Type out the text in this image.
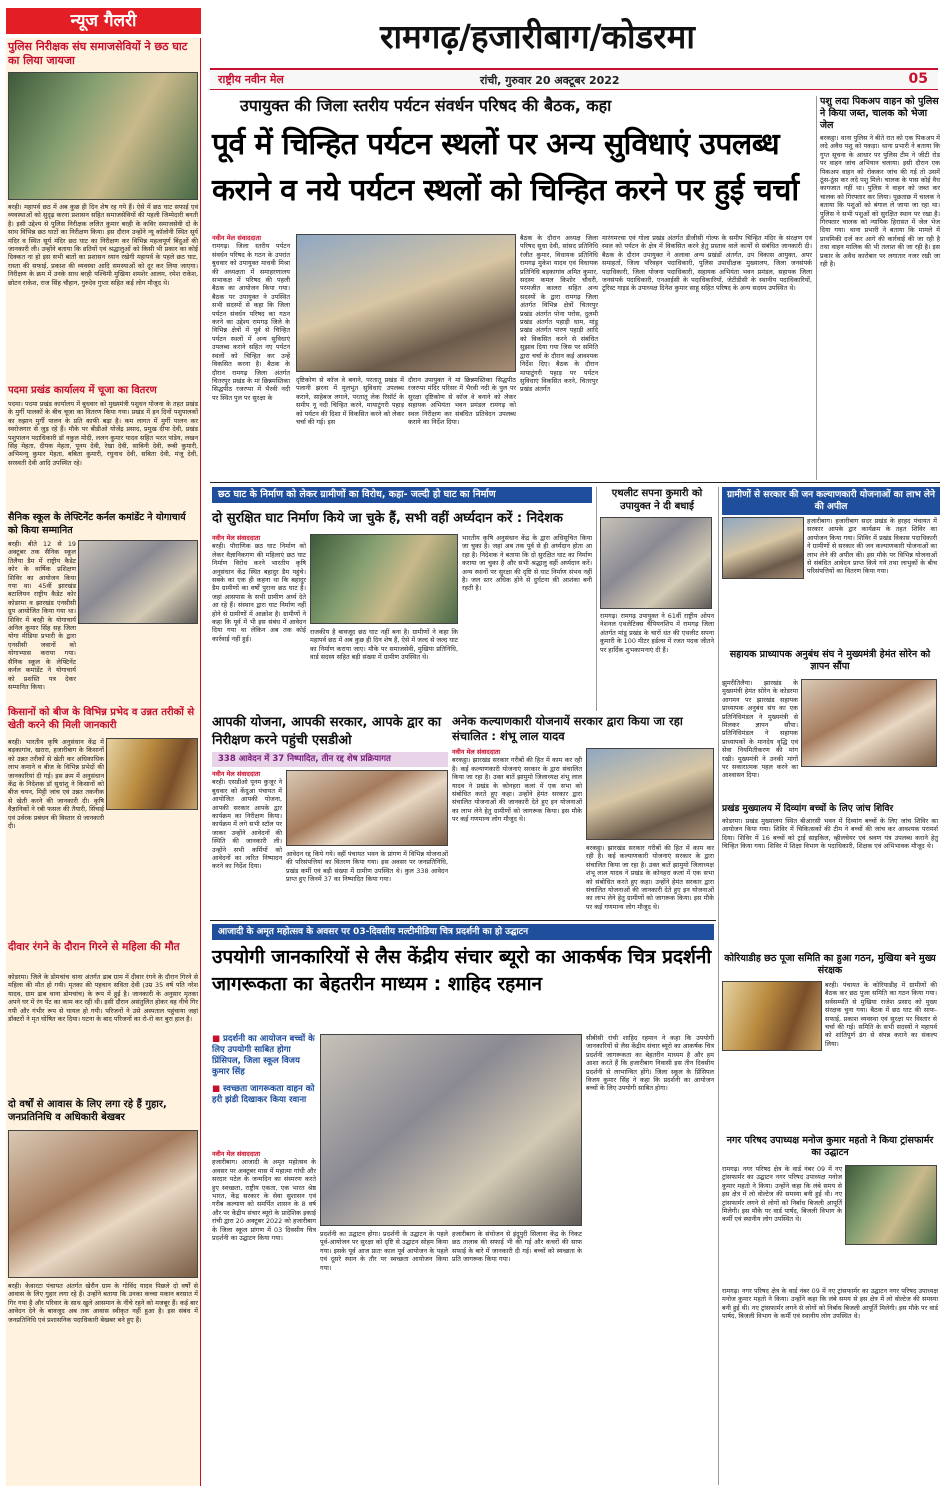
न्यूज गैलरी	रामगढ़/हजारीबाग/कोडरमा
राष्ट्रीय नवीन मेल	रांची, गुरुवार 20 अक्टूबर 2022	05
पुलिस निरीक्षक संघ समाजसेवियों ने छठ घाट का लिया जायजा
बरही। महापर्व छठ में अब कुछ ही दिन शेष रह गये हैं। ऐसे में छठ घाट सफाई एवं व्यवस्थाओं को सुदृढ़ करना प्रशासन सहित समाजसेवियों की पहली जिम्मेदारी बनती है। इसी उद्देश्य से पुलिस निरीक्षक ललित कुमार बरही के कविर समाजसेवी दो के साथ विभिन्न छठ घाटों का निरीक्षण किया। इस दौरान उन्होंने न्यू कॉलोनी स्थित सूर्य मंदिर व स्थित सूर्य मंदिर छठ घाट का निरीक्षण कर विभिन्न महत्वपूर्ण बिंदुओं की जानकारी ली। उन्होंने बताया कि व्रतियों एवं श्रद्धालुओं को किसी भी प्रकार का कोई दिक्कत ना हो इस सभी बातों का प्रशासन ध्यान रखेगी महापर्व के पहले छठ घाट, रास्ता की सफाई, प्रकाश की व्यवस्था आदि समस्याओं को दूर कर लिया जाएगा। निरीक्षण के क्रम में उनके साथ बरही पश्चिमी मुखिया शमशेर आलम, रमेश राकेश, छोटन राकेश, राज सिंह चौहान, गुरुदेव गुप्ता सहित कई लोग मौजूद थे।
पदमा प्रखंड कार्यालय में चूजा का वितरण
पदमा। पदमा प्रखंड कार्यालय में बुधवार को मुख्यमंत्री पशुधन योजना के तहत प्रखंड के मुर्गी पालकों के बीच चूजा का वितरण किया गया। प्रखंड में इन दिनों पशुपालकों का रुझान मुर्गी पालन के प्रति काफी बढ़ा है। कम लागत में मुर्गी पालन कर स्वरोजगार से जुड़ रहे हैं। मौके पर बीडीओ योजेंद्र प्रसाद, प्रमुख दीपा देवी, प्रखंड पशुपालन पदाधिकारी डॉ नकुल मोदी, ललन कुमार यादव सहित भरत पांडेय, लखन सिंह मेहता, दीपक मेहता, पूनम देवी, रेखा देवी, साबिनी देवी, रूबी कुमारी, अभिमन्यु कुमार मेहता, बबिता कुमारी, रघुनाथ देवी, सबिता देवी, मंजू देवी, सरस्वती देवी आदि उपस्थित रहे।
सैनिक स्कूल के लेफ्टिनेंट कर्नल कमांडेंट ने योगाचार्य को किया सम्मानित
बरही। बीते 12 से 19 अक्टूबर तक सैनिक स्कूल तिलैया डैम में राष्ट्रीय कैडेट कोर के वार्षिक प्रशिक्षण शिविर का आयोजन किया गया था। 45वीं झारखंड बटालियन राष्ट्रीय कैडेट कोर कोडरमा व झारखंड एनसीसी ग्रुप आयोजित किया गया था। शिविर में बरही के योगाचार्य अनिल कुमार सिंह सह जिला योगा मीडिया प्रभारी के द्वारा एनसीसी जवानों को योगाभ्यास कराया गया। सैनिक स्कूल के लेफ्टिनेंट कर्नल कमांडेंट ने योगाचार्य को प्रशस्ति पत्र देकर सम्मानित किया।
किसानों को बीज के विभिन्न प्रभेद व उन्नत तरीकों से खेती करने की मिली जानकारी
बरही। भारतीय कृषि अनुसंधान केंद्र में बड़कागांव, खरारा, हजारीबाग के किसानों को उन्नत तरीकों से खेती कर अधिकाधिक लाभ कमाने व बीज के विभिन्न प्रभेदों की जानकारियां दी गई। इस क्रम में अनुसंधान केंद्र के निदेशक डॉ सुधांशु ने किसानों को बीज चयन, मिट्टी जांच एवं उन्नत तकनीक से खेती करने की जानकारी दी। कृषि वैज्ञानिकों ने रबी फसल की तैयारी, सिंचाई एवं उर्वरक प्रबंधन की विस्तार से जानकारी दी।
दीवार रंगने के दौरान गिरने से महिला की मौत
कोडरमा। जिले के डोमचांच थाना अंतर्गत ढाब ग्राम में दीवार रंगने के दौरान गिरने से महिला की मौत हो गयी। मृतका की पहचान सविता देवी (उम्र 35 वर्ष पति नरेश यादव, ग्राम ढाब थाना डोमचांच) के रूप में हुई है। जानकारी के अनुसार मृतका अपने घर में रंग पेंट का काम कर रही थी। इसी दौरान असंतुलित होकर वह नीचे गिर गयी और गंभीर रूप से घायल हो गयी। परिजनों ने उसे अस्पताल पहुंचाया जहां डॉक्टरों ने मृत घोषित कर दिया। घटना के बाद परिजनों का रो-रो कर बुरा हाल है।
दो वर्षों से आवास के लिए लगा रहे हैं गुहार, जनप्रतिनिधि व अधिकारी बेखबर
बरही। केवारटा पंचायत अंतर्गत खेरौन ग्राम के गोविंद यादव पिछले दो वर्षों से आवास के लिए गुहार लगा रहे हैं। उन्होंने बताया कि उनका कच्चा मकान बरसात में गिर गया है और परिवार के साथ खुले आसमान के नीचे रहने को मजबूर हैं। कई बार आवेदन देने के बावजूद अब तक आवास स्वीकृत नहीं हुआ है। इस संबंध में जनप्रतिनिधि एवं प्रशासनिक पदाधिकारी बेखबर बने हुए हैं।
उपायुक्त की जिला स्तरीय पर्यटन संवर्धन परिषद की बैठक, कहा
पूर्व में चिन्हित पर्यटन स्थलों पर अन्य सुविधाएं उपलब्ध कराने व नये पर्यटन स्थलों को चिन्हित करने पर हुई चर्चा
नवीन मेल संवाददाता
रामगढ़। जिला स्तरीय पर्यटन संवर्धन परिषद के गठन के उपरांत बुधवार को उपायुक्त माधवी मिश्रा की अध्यक्षता में समाहरणालय सभाकक्ष में परिषद की पहली बैठक का आयोजन किया गया। बैठक पर उपायुक्त ने उपस्थित सभी सदस्यों से कहा कि जिला पर्यटन संवर्धन परिषद का गठन करने का उद्देश्य रामगढ़ जिले के विभिन्न क्षेत्रों में पूर्व से चिन्हित पर्यटन स्थलों में अन्य सुविधाएं उपलब्ध कराने सहित नए पर्यटन स्थलों को चिन्हित कर उन्हें विकसित करना है। बैठक के दौरान रामगढ़ जिला अंतर्गत चितरपुर प्रखंड के मां छिन्नमस्तिका सिद्धपीठ रजरप्पा में भैरवी नदी पर स्थित पुल पर सुरक्षा के
दृष्टिकोण से कॉज वे बनाने, परतातू प्रखंड में पलानी झरना में मूलभूत सुविधाएं उपलब्ध कराने, साहेबज लगाने, परतातू लेक रिसॉर्ट के समीप नू नदी चिन्हित करने, मायाटुंगरी पहाड़ को पर्यटन की दिशा में विकसित करने को लेकर चर्चा की गई। इस
दौरान उपायुक्त ने मां छिन्नमस्तिका सिद्धपीठ रजरप्पा मंदिर परिसर में भैरवी नदी के पुल पर सुरक्षा दृष्टिकोण से कॉज वे बनाने को लेकर सहायक अभियंता भवन प्रमंडल रामगढ़ को स्थल निरीक्षण कर संबंधित प्रतिवेदन उपलब्ध कराने का निर्देश दिया।
बैठक के दौरान अध्यक्ष जिला परिषद सुधा देवी, सांसद प्रतिनिधि रंजीत कुमार, विधायक प्रतिनिधि रामगढ़ मुकेश यादव एवं विधायक प्रतिनिधि बड़कागांव अमित कुमार, सदस्य कमल किशोर चौधरी, परमजीत कालरा सहित अन्य सदस्यों के द्वारा रामगढ़ जिला अंतर्गत विभिन्न क्षेत्रों चितरपुर प्रखंड अंतर्गत पोना परोस, दुलमी प्रखंड अंतर्गत पहाड़ी धाम, मांडू प्रखंड अंतर्गत पारण पहाड़ी आदि को विकसित करने से संबंधित सुझाव दिया गया जिस पर समिति द्वारा चर्चा के दौरान कई आवश्यक निर्देश दिए। बैठक के दौरान मायाटुंगरी पहाड़ पर पर्यटन सुविधाएं विकसित करने, चितरपुर प्रखंड अंतर्गत
मारंगमरचा एवं गोला प्रखंड अंतर्गत डीजीसी गोल्फ के समीप चिन्हित मंदिर के संरक्षण एवं स्थल को पर्यटन के क्षेत्र में विकसित करने हेतु प्रस्ताव वाले कार्यों से संबंधित जानकारी दी। बैठक के दौरान उपायुक्त ने अलावा अन्य प्रखंडों अंतर्गत, उप विकास आयुक्त, अपर समाहर्ता, जिला परिवहन पदाधिकारी, पुलिस उपाधीक्षक मुख्यालय, जिला जनसंपर्क पदाधिकारी, जिला योजना पदाधिकारी, सहायक अभियंता भवन प्रमंडल, सहायक जिला जनसंपर्क पदाधिकारी, एनआईसी के पदाधिकारियों, जेटीडीसी के स्थानीय पदाधिकारियों, टूरिस्ट गाइड के उपाध्यक्ष दिनेश कुमार साहू सहित परिषद के अन्य सदस्य उपस्थित थे।
पशु लदा पिकअप वाहन को पुलिस ने किया जब्त, चालक को भेजा जेल
बरकट्ठा। थाना पुलिस ने बीते रात को एक पिकअप में लदे अवैध पशु को पकड़ा। थाना प्रभारी ने बताया कि गुप्त सूचना के आधार पर पुलिस टीम ने जीटी रोड पर वाहन जांच अभियान चलाया। इसी दौरान एक पिकअप वाहन को रोककर जांच की गई तो उसमें ठूंस-ठूंस कर लदे पशु मिले। चालक के पास कोई वैध कागजात नहीं था। पुलिस ने वाहन को जब्त कर चालक को गिरफ्तार कर लिया। पूछताछ में चालक ने बताया कि पशुओं को बंगाल ले जाया जा रहा था। पुलिस ने सभी पशुओं को सुरक्षित स्थान पर रखा है। गिरफ्तार चालक को न्यायिक हिरासत में जेल भेज दिया गया। थाना प्रभारी ने बताया कि मामले में प्राथमिकी दर्ज कर आगे की कार्रवाई की जा रही है तथा वाहन मालिक की भी तलाश की जा रही है। इस प्रकार के अवैध कारोबार पर लगातार नजर रखी जा रही है।
छठ घाट के निर्माण को लेकर ग्रामीणों का विरोध, कहा- जल्दी हो घाट का निर्माण
दो सुरक्षित घाट निर्माण किये जा चुके हैं, सभी वहीं अर्घ्यदान करें : निदेशक
नवीन मेल संवाददाता
बरही। पौराणिक छठ घाट निर्माण को लेकर वैज्ञानिकगण की महिलाएं छठ घाट निर्माण विरोध करने भारतीय कृषि अनुसंधान केंद्र स्थित बहादुर डैम पहुंचे। सबके का एक ही कहना था कि बहादुर डैम ग्रामीणों का वर्षों पुराना छठ घाट है। जहां आसपास के सभी ग्रामीण अर्घ्य देते आ रहे हैं। संस्थान द्वारा घाट निर्माण नहीं होने से ग्रामीणों में आक्रोश है। ग्रामीणों ने कहा कि पूर्व में भी इस संबंध में आवेदन दिया गया था लेकिन अब तक कोई कार्रवाई नहीं हुई।
राजकीय है बावजूद छठ घाट नहीं बना है। ग्रामीणों ने कहा कि महापर्व छठ में अब कुछ ही दिन शेष हैं, ऐसे में जल्द से जल्द घाट का निर्माण कराया जाए। मौके पर समाजसेवी, मुखिया प्रतिनिधि, वार्ड सदस्य सहित बड़ी संख्या में ग्रामीण उपस्थित थे।
भारतीय कृषि अनुसंधान केंद्र के द्वारा अधिसूचित किया जा चुका है। जहां अब तक पूर्व से ही अर्घ्यदान होता आ रहा है। निदेशक ने बताया कि दो सुरक्षित घाट का निर्माण कराया जा चुका है और सभी श्रद्धालु वहीं अर्घ्यदान करें। अन्य स्थानों पर सुरक्षा की दृष्टि से घाट निर्माण संभव नहीं है। जल स्तर अधिक होने से दुर्घटना की आशंका बनी रहती है।
एथलीट सपना कुमारी को उपायुक्त ने दी बधाई
रामगढ़। रामगढ़ उपायुक्त ने 61वीं राष्ट्रीय ओपन नेशनल एथलेटिक्स चैंपियनशिप में रामगढ़ जिला अंतर्गत मांडू प्रखंड के चारों धंत की एथलीट सपना कुमारी के 100 मीटर हर्डल्स में रजत पदक जीतने पर हार्दिक शुभकामनाएं दी हैं।
ग्रामीणों से सरकार की जन कल्याणकारी योजनाओं का लाभ लेने की अपील
हजारीबाग। हजारीबाग सदर प्रखंड के हरहद पंचायत में सरकार आपके द्वार कार्यक्रम के तहत शिविर का आयोजन किया गया। शिविर में प्रखंड विकास पदाधिकारी ने ग्रामीणों से सरकार की जन कल्याणकारी योजनाओं का लाभ लेने की अपील की। इस मौके पर विभिन्न योजनाओं से संबंधित आवेदन प्राप्त किये गये तथा लाभुकों के बीच परिसंपत्तियों का वितरण किया गया।
सहायक प्राध्यापक अनुबंध संघ ने मुख्यमंत्री हेमंत सोरेन को ज्ञापन सौंपा
झुमरीतिलैया। झारखंड के मुख्यमंत्री हेमंत सोरेन के कोडरमा आगमन पर झारखंड सहायक प्राध्यापक अनुबंध संघ का एक प्रतिनिधिमंडल ने मुख्यमंत्री से मिलकर ज्ञापन सौंपा। प्रतिनिधिमंडल ने सहायक प्राध्यापकों के मानदेय वृद्धि एवं सेवा नियमितीकरण की मांग रखी। मुख्यमंत्री ने उनकी मांगों पर सकारात्मक पहल करने का आश्वासन दिया।
प्रखंड मुख्यालय में दिव्यांग बच्चों के लिए जांच शिविर
कोडरमा। प्रखंड मुख्यालय स्थित बीआरसी भवन में दिव्यांग बच्चों के लिए जांच शिविर का आयोजन किया गया। शिविर में चिकित्सकों की टीम ने बच्चों की जांच कर आवश्यक परामर्श दिया। शिविर में 16 बच्चों को ट्राई साइकिल, व्हीलचेयर एवं श्रवण यंत्र उपलब्ध कराने हेतु चिन्हित किया गया। शिविर में शिक्षा विभाग के पदाधिकारी, शिक्षक एवं अभिभावक मौजूद थे।
कोरियाडीह छठ पूजा समिति का हुआ गठन, मुखिया बने मुख्य संरक्षक
बरही। पंचायत के कोरियाडीह में ग्रामीणों की बैठक कर छठ पूजा समिति का गठन किया गया। सर्वसम्मति से मुखिया राजेश प्रसाद को मुख्य संरक्षक चुना गया। बैठक में छठ घाट की साफ-सफाई, प्रकाश व्यवस्था एवं सुरक्षा पर विस्तार से चर्चा की गई। समिति के सभी सदस्यों ने महापर्व को शांतिपूर्ण ढंग से संपन्न कराने का संकल्प लिया।
नगर परिषद उपाध्यक्ष मनोज कुमार महतो ने किया ट्रांसफार्मर का उद्घाटन
रामगढ़। नगर परिषद क्षेत्र के वार्ड नंबर 09 में नए ट्रांसफार्मर का उद्घाटन नगर परिषद उपाध्यक्ष मनोज कुमार महतो ने किया। उन्होंने कहा कि लंबे समय से इस क्षेत्र में लो वोल्टेज की समस्या बनी हुई थी। नए ट्रांसफार्मर लगने से लोगों को निर्बाध बिजली आपूर्ति मिलेगी। इस मौके पर वार्ड पार्षद, बिजली विभाग के कर्मी एवं स्थानीय लोग उपस्थित थे।
रामगढ़। नगर परिषद क्षेत्र के वार्ड नंबर 09 में नए ट्रांसफार्मर का उद्घाटन नगर परिषद उपाध्यक्ष मनोज कुमार महतो ने किया। उन्होंने कहा कि लंबे समय से इस क्षेत्र में लो वोल्टेज की समस्या बनी हुई थी। नए ट्रांसफार्मर लगने से लोगों को निर्बाध बिजली आपूर्ति मिलेगी। इस मौके पर वार्ड पार्षद, बिजली विभाग के कर्मी एवं स्थानीय लोग उपस्थित थे।
आपकी योजना, आपकी सरकार, आपके द्वार का निरीक्षण करने पहुंची एसडीओ
338 आवेदन में 37 निष्पादित, तीन रद्द शेष प्रक्रियागत
नवीन मेल संवाददाता
बरही। एसडीओ पूनम कुजूर ने बुधवार को केंदुआ पंचायत में आयोजित आपकी योजना, आपकी सरकार आपके द्वार कार्यक्रम का निरीक्षण किया। कार्यक्रम में लगे सभी स्टॉल पर जाकर उन्होंने आवेदनों की स्थिति की जानकारी ली। उन्होंने सभी कर्मियों को आवेदनों का त्वरित निष्पादन करने का निर्देश दिया।
आवेदन रद्द किये गये। वहीं पंचायत भवन के प्रांगण में विभिन्न योजनाओं की परिसंपत्तियां का वितरण किया गया। इस अवसर पर जनप्रतिनिधि, प्रखंड कर्मी एवं बड़ी संख्या में ग्रामीण उपस्थित थे। कुल 338 आवेदन प्राप्त हुए जिनमें 37 का निष्पादित किया गया।
अनेक कल्याणकारी योजनायें सरकार द्वारा किया जा रहा संचालित : शंभू लाल यादव
नवीन मेल संवाददाता
बरकट्ठा। झारखंड सरकार गरीबों की हित में काम कर रही है। कई कल्याणकारी योजनाएं सरकार के द्वारा संचालित किया जा रहा है। उक्त बातें झामुमो जिलाध्यक्ष शंभू लाल यादव ने प्रखंड के कोनहरा कलां में एक सभा को संबोधित करते हुए कहा। उन्होंने हेमंत सरकार द्वारा संचालित योजनाओं की जानकारी देते हुए इन योजनाओं का लाभ लेने हेतु ग्रामीणों को जागरूक किया। इस मौके पर कई गणमान्य लोग मौजूद थे।
बरकट्ठा। झारखंड सरकार गरीबों की हित में काम कर रही है। कई कल्याणकारी योजनाएं सरकार के द्वारा संचालित किया जा रहा है। उक्त बातें झामुमो जिलाध्यक्ष शंभू लाल यादव ने प्रखंड के कोनहरा कलां में एक सभा को संबोधित करते हुए कहा। उन्होंने हेमंत सरकार द्वारा संचालित योजनाओं की जानकारी देते हुए इन योजनाओं का लाभ लेने हेतु ग्रामीणों को जागरूक किया। इस मौके पर कई गणमान्य लोग मौजूद थे।
आजादी के अमृत महोत्सव के अवसर पर 03-दिवसीय मल्टीमीडिया चित्र प्रदर्शनी का हो उद्घाटन
उपयोगी जानकारियों से लैस केंद्रीय संचार ब्यूरो का आकर्षक चित्र प्रदर्शनी जागरूकता का बेहतरीन माध्यम : शाहिद रहमान
■ प्रदर्शनी का आयोजन बच्चों के लिए उपयोगी साबित होगा प्रिंसिपल, जिला स्कूल विजय कुमार सिंह
■ स्वच्छता जागरूकता वाहन को हरी झंडी दिखाकर किया रवाना
नवीन मेल संवाददाता
हजारीबाग। आजादी के अमृत महोत्सव के अवसर पर अक्टूबर मास में महात्मा गांधी और सरदार पटेल के जन्मदिन का संस्मरण करते हुए स्वच्छता, राष्ट्रीय एकता, एक भारत श्रेष्ठ भारत, केंद्र सरकार के सेवा सुशासन एवं गरीब कल्याण को समर्पित शासन के 8 वर्ष और पर केंद्रीय संचार ब्यूरो के प्रादेशिक इकाई रांची द्वारा 20 अक्टूबर 2022 को हजारीबाग के जिला स्कूल प्रांगण में 03 दिवसीय चित्र प्रदर्शनी का उद्घाटन किया गया।
प्रदर्शनी का उद्घाटन होगा। प्रदर्शनी के उद्घाटन के पहले पूर्व-आयोजन पर सुरक्षा को दृष्टि से उद्घाटन सोहम किया गया। इसके पूर्व आज प्रातः काल पूर्व आयोजन के पहले एवं दूसरे स्थान के तौर पर स्वच्छता आयोजन किया गया।
हजारीबाग के संयोजन से इंदुपुरी सिलाना केंद्र के निकट छठ तालाब की सफाई भी की गई और कचरों की साफ सफाई के बारे में जानकारी दी गई। बच्चों को स्वच्छता के प्रति जागरूक किया गया।
सीबीसी रांची शाहिद रहमान ने कहा कि उपयोगी जानकारियों से लैस केंद्रीय संचार ब्यूरो का आकर्षक चित्र प्रदर्शनी जागरूकता का बेहतरीन माध्यम है और हम आशा करते हैं कि हजारीबाग निवासी इस तीन दिवसीय प्रदर्शनी से लाभान्वित होंगे। जिला स्कूल के प्रिंसिपल विजय कुमार सिंह ने कहा कि प्रदर्शनी का आयोजन बच्चों के लिए उपयोगी साबित होगा।
